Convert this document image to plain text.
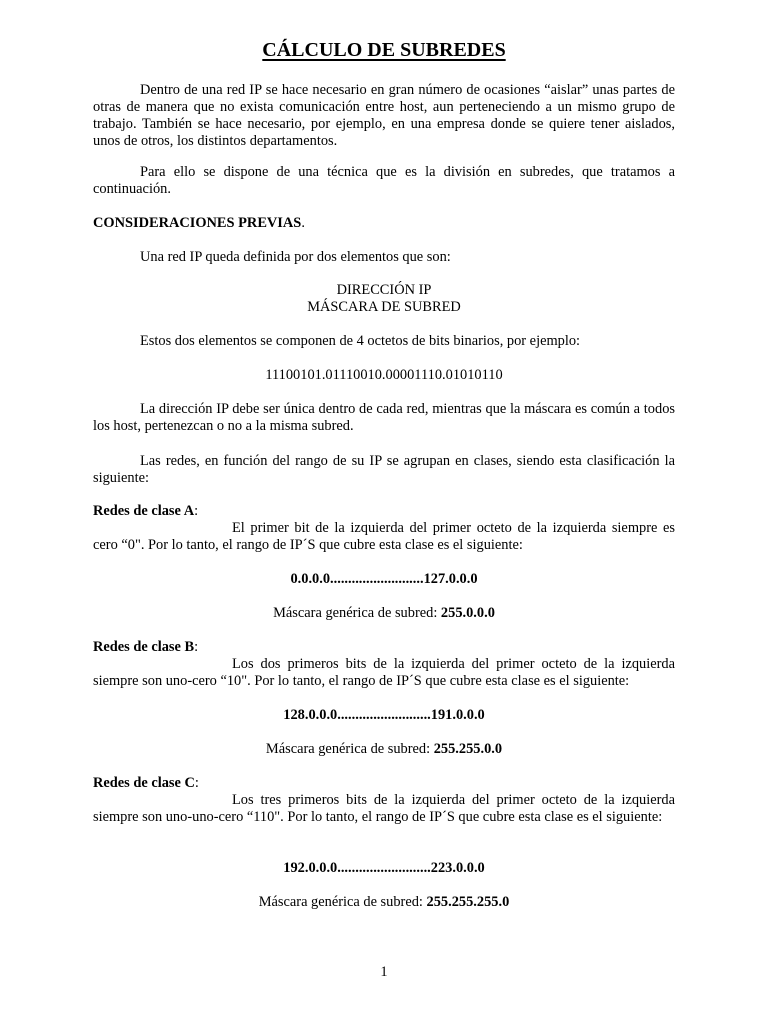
CÁLCULO DE SUBREDES
Dentro de una red IP se hace necesario en gran número de ocasiones “aislar” unas partes de otras de manera que no exista comunicación entre host, aun perteneciendo a un mismo grupo de trabajo. También se hace necesario, por ejemplo, en una empresa donde se quiere tener aislados, unos de otros, los distintos departamentos.
Para ello se dispone de una técnica que es la división en subredes, que tratamos a continuación.
CONSIDERACIONES PREVIAS.
Una red IP queda definida por dos elementos que son:
DIRECCIÓN IP
MÁSCARA DE SUBRED
Estos dos elementos se componen de 4 octetos de bits binarios, por ejemplo:
11100101.01110010.00001110.01010110
La dirección IP debe ser única dentro de cada red, mientras que la máscara es común a todos los host, pertenezcan o no a la misma subred.
Las redes, en función del rango de su IP se agrupan en clases, siendo esta clasificación la siguiente:
Redes de clase A:
El primer bit de la izquierda del primer octeto de la izquierda siempre es cero “0". Por lo tanto, el rango de IP´S que cubre esta clase es el siguiente:
0.0.0.0..........................127.0.0.0
Máscara genérica de subred: 255.0.0.0
Redes de clase B:
Los dos primeros bits de la izquierda del primer octeto de la izquierda siempre son uno-cero “10". Por lo tanto, el rango de IP´S que cubre esta clase es el siguiente:
128.0.0.0..........................191.0.0.0
Máscara genérica de subred: 255.255.0.0
Redes de clase C:
Los tres primeros bits de la izquierda del primer octeto de la izquierda siempre son uno-uno-cero “110". Por lo tanto, el rango de IP´S que cubre esta clase es el siguiente:
192.0.0.0..........................223.0.0.0
Máscara genérica de subred: 255.255.255.0
1
